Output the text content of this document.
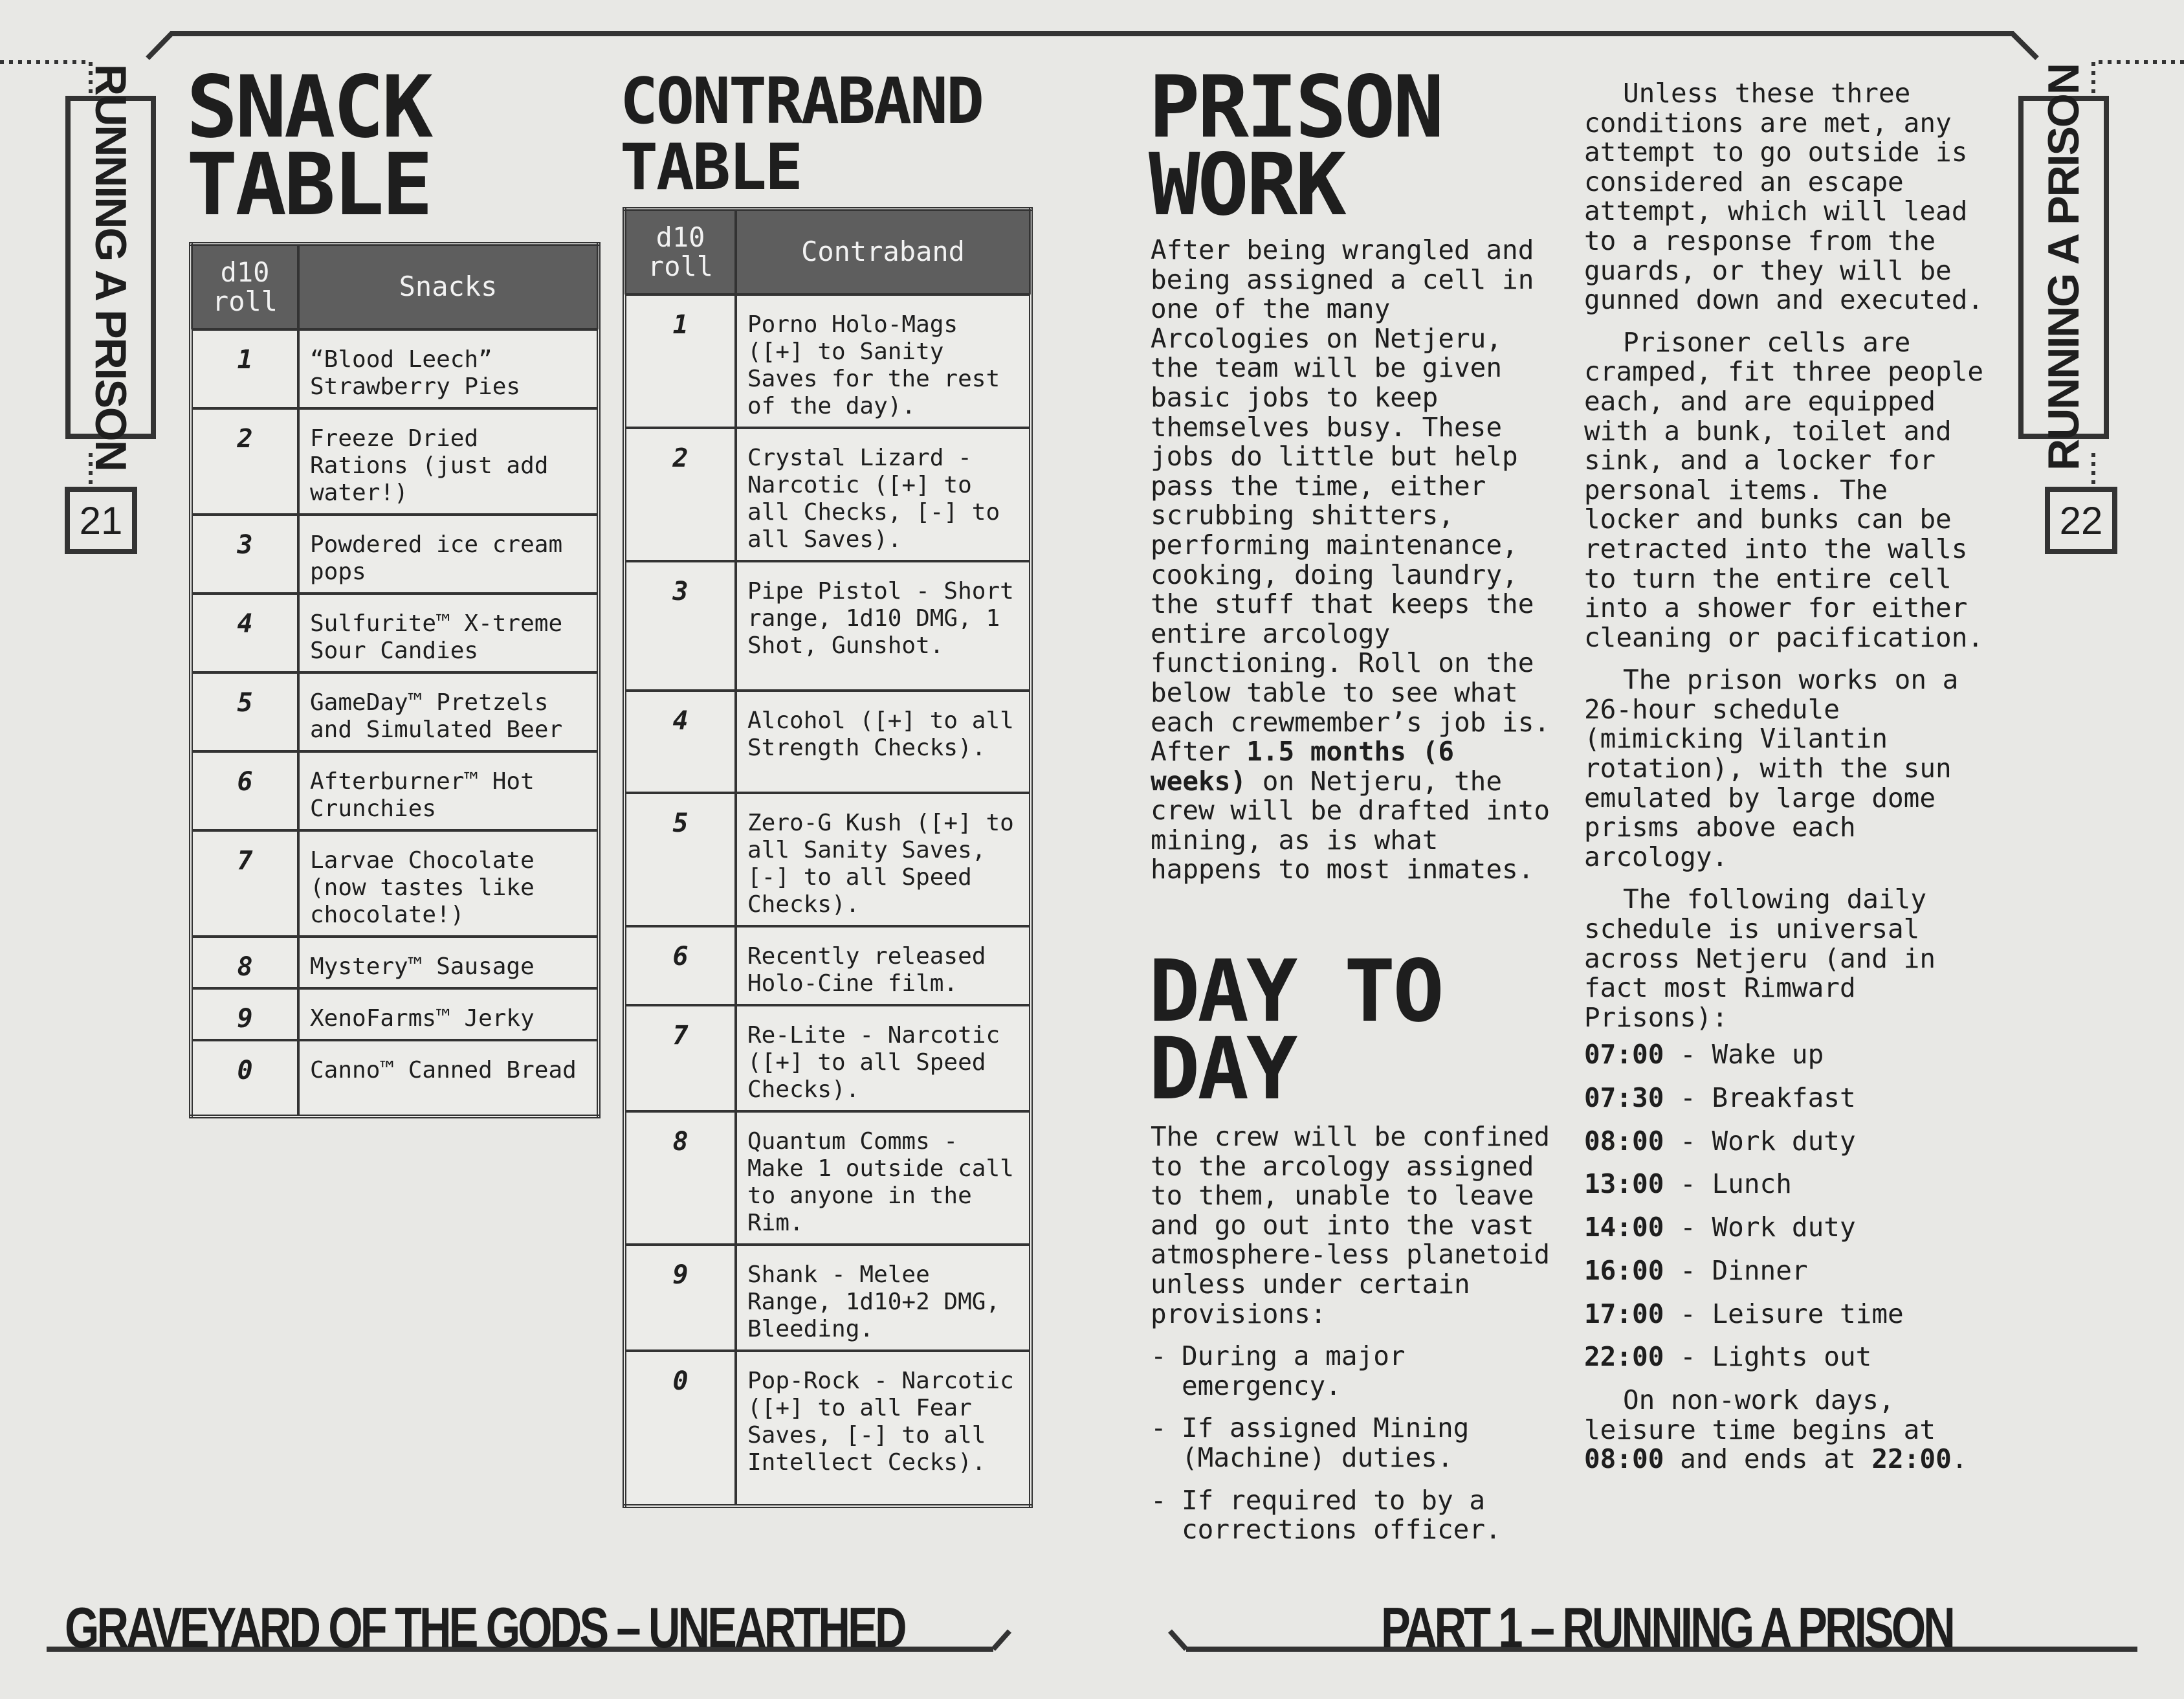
RUNNING A PRISON
21
RUNNING A PRISON
22
SNACK
TABLE
d10 roll	Snacks
1	“Blood Leech” Strawberry Pies
2	Freeze Dried Rations (just add water!)
3	Powdered ice cream pops
4	Sulfurite™ X-treme Sour Candies
5	GameDay™ Pretzels and Simulated Beer
6	Afterburner™ Hot Crunchies
7	Larvae Chocolate (now tastes like chocolate!)
8	Mystery™ Sausage
9	XenoFarms™ Jerky
0	Canno™ Canned Bread
CONTRABAND
TABLE
d10 roll	Contraband
1	Porno Holo-Mags ([+] to Sanity Saves for the rest of the day).
2	Crystal Lizard - Narcotic ([+] to all Checks, [-] to all Saves).
3	Pipe Pistol - Short range, 1d10 DMG, 1 Shot, Gunshot.
4	Alcohol ([+] to all Strength Checks).
5	Zero-G Kush ([+] to all Sanity Saves, [-] to all Speed Checks).
6	Recently released Holo-Cine film.
7	Re-Lite - Narcotic ([+] to all Speed Checks).
8	Quantum Comms - Make 1 outside call to anyone in the Rim.
9	Shank - Melee Range, 1d10+2 DMG, Bleeding.
0	Pop-Rock - Narcotic ([+] to all Fear Saves, [-] to all Intellect Cecks).
GRAVEYARD OF THE GODS – UNEARTHED
PRISON
WORK

After being wrangled and being assigned a cell in one of the many Arcologies on Netjeru, the team will be given basic jobs to keep themselves busy. These jobs do little but help pass the time, either scrubbing shitters, performing maintenance, cooking, doing laundry, the stuff that keeps the entire arcology functioning. Roll on the below table to see what each crewmember’s job is. After 1.5 months (6 weeks) on Netjeru, the crew will be drafted into mining, as is what happens to most inmates.

DAY TO
DAY

The crew will be confined to the arcology assigned to them, unable to leave and go out into the vast atmosphere-less planetoid unless under certain provisions:

- During a major emergency.
- If assigned Mining (Machine) duties.
- If required to by a corrections officer.

Unless these three conditions are met, any attempt to go outside is considered an escape attempt, which will lead to a response from the guards, or they will be gunned down and executed.

Prisoner cells are cramped, fit three people each, and are equipped with a bunk, toilet and sink, and a locker for personal items. The locker and bunks can be retracted into the walls to turn the entire cell into a shower for either cleaning or pacification.

The prison works on a 26-hour schedule (mimicking Vilantin rotation), with the sun emulated by large dome prisms above each arcology.

The following daily schedule is universal across Netjeru (and in fact most Rimward Prisons):

07:00 - Wake up
07:30 - Breakfast
08:00 - Work duty
13:00 - Lunch
14:00 - Work duty
16:00 - Dinner
17:00 - Leisure time
22:00 - Lights out

On non-work days, leisure time begins at 08:00 and ends at 22:00.

PART 1 – RUNNING A PRISON
